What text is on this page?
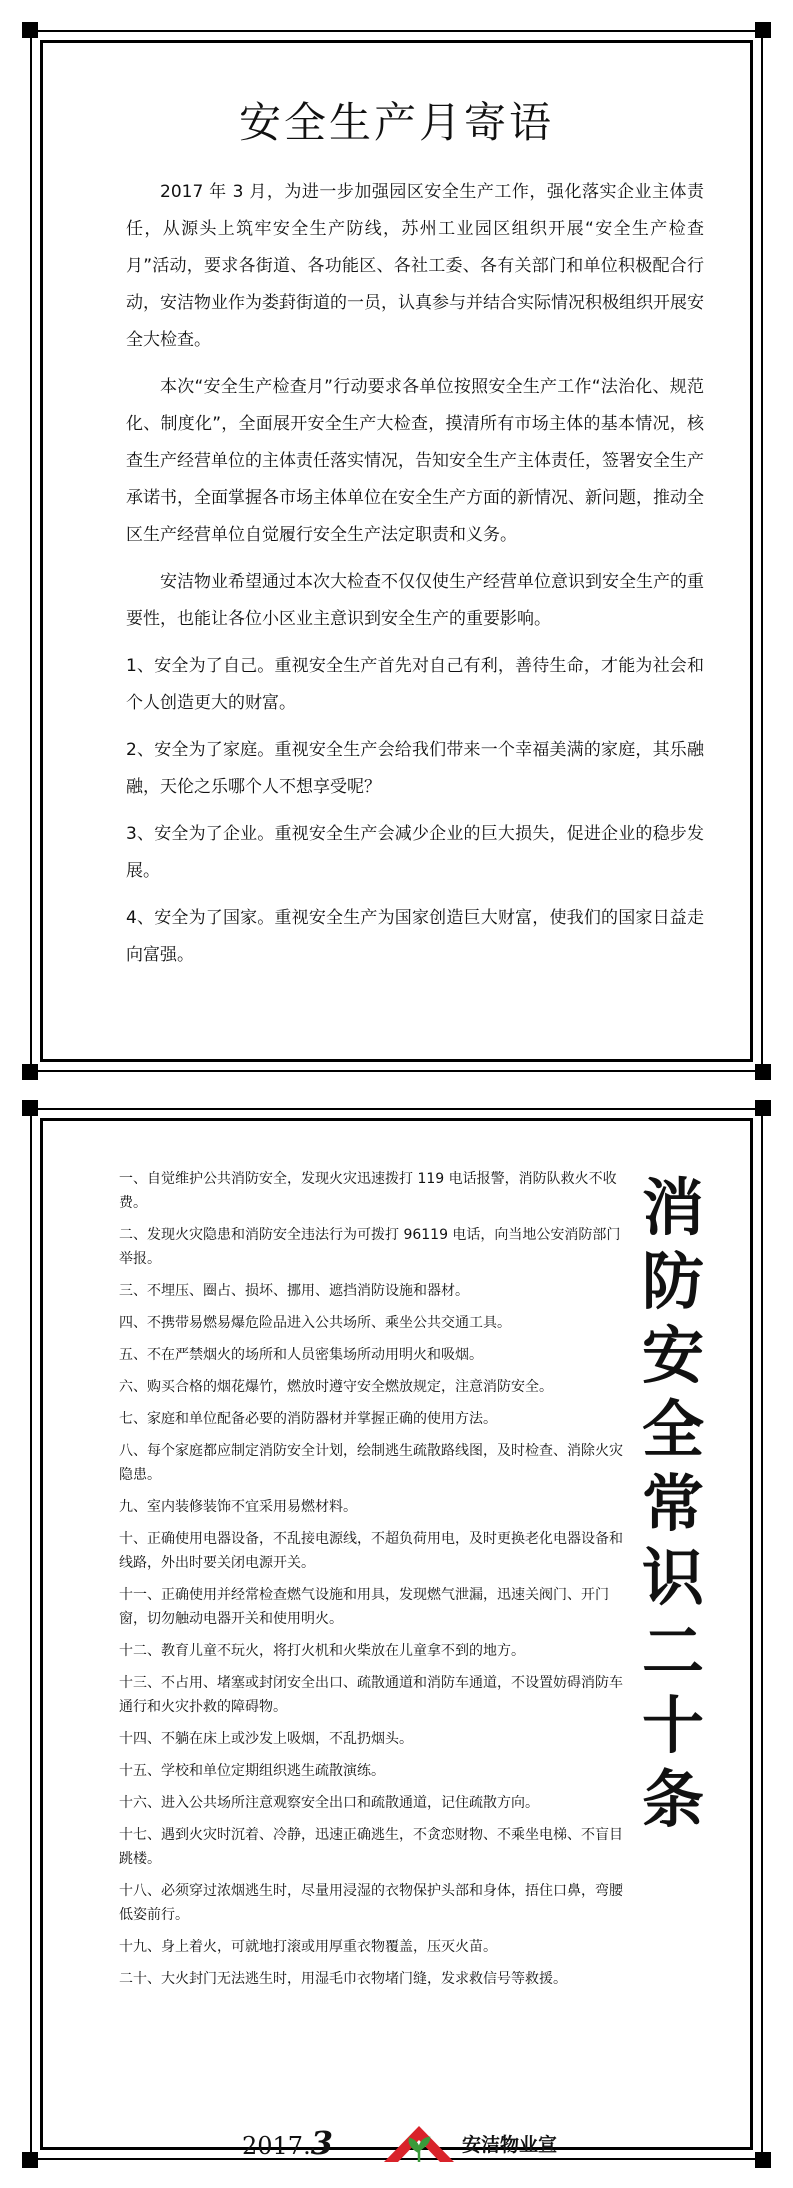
安全生产月寄语

2017 年 3 月，为进一步加强园区安全生产工作，强化落实企业主体责任，从源头上筑牢安全生产防线，苏州工业园区组织开展“安全生产检查月”活动，要求各街道、各功能区、各社工委、各有关部门和单位积极配合行动，安洁物业作为娄葑街道的一员，认真参与并结合实际情况积极组织开展安全大检查。

本次“安全生产检查月”行动要求各单位按照安全生产工作“法治化、规范化、制度化”，全面展开安全生产大检查，摸清所有市场主体的基本情况，核查生产经营单位的主体责任落实情况，告知安全生产主体责任，签署安全生产承诺书，全面掌握各市场主体单位在安全生产方面的新情况、新问题，推动全区生产经营单位自觉履行安全生产法定职责和义务。

安洁物业希望通过本次大检查不仅仅使生产经营单位意识到安全生产的重要性，也能让各位小区业主意识到安全生产的重要影响。

1、安全为了自己。重视安全生产首先对自己有利，善待生命，才能为社会和个人创造更大的财富。

2、安全为了家庭。重视安全生产会给我们带来一个幸福美满的家庭，其乐融融，天伦之乐哪个人不想享受呢？

3、安全为了企业。重视安全生产会减少企业的巨大损失，促进企业的稳步发展。

4、安全为了国家。重视安全生产为国家创造巨大财富，使我们的国家日益走向富强。

一、自觉维护公共消防安全，发现火灾迅速拨打 119 电话报警，消防队救火不收费。
二、发现火灾隐患和消防安全违法行为可拨打 96119 电话，向当地公安消防部门举报。
三、不埋压、圈占、损坏、挪用、遮挡消防设施和器材。
四、不携带易燃易爆危险品进入公共场所、乘坐公共交通工具。
五、不在严禁烟火的场所和人员密集场所动用明火和吸烟。
六、购买合格的烟花爆竹，燃放时遵守安全燃放规定，注意消防安全。
七、家庭和单位配备必要的消防器材并掌握正确的使用方法。
八、每个家庭都应制定消防安全计划，绘制逃生疏散路线图，及时检查、消除火灾隐患。
九、室内装修装饰不宜采用易燃材料。
十、正确使用电器设备，不乱接电源线，不超负荷用电，及时更换老化电器设备和线路，外出时要关闭电源开关。
十一、正确使用并经常检查燃气设施和用具，发现燃气泄漏，迅速关阀门、开门窗，切勿触动电器开关和使用明火。
十二、教育儿童不玩火，将打火机和火柴放在儿童拿不到的地方。
十三、不占用、堵塞或封闭安全出口、疏散通道和消防车通道，不设置妨碍消防车通行和火灾扑救的障碍物。
十四、不躺在床上或沙发上吸烟，不乱扔烟头。
十五、学校和单位定期组织逃生疏散演练。
十六、进入公共场所注意观察安全出口和疏散通道，记住疏散方向。
十七、遇到火灾时沉着、冷静，迅速正确逃生，不贪恋财物、不乘坐电梯、不盲目跳楼。
十八、必须穿过浓烟逃生时，尽量用浸湿的衣物保护头部和身体，捂住口鼻，弯腰低姿前行。
十九、身上着火，可就地打滚或用厚重衣物覆盖，压灭火苗。
二十、大火封门无法逃生时，用湿毛巾衣物堵门缝，发求救信号等救援。
消防安全常识二十条
2017.3	安洁物业宣
